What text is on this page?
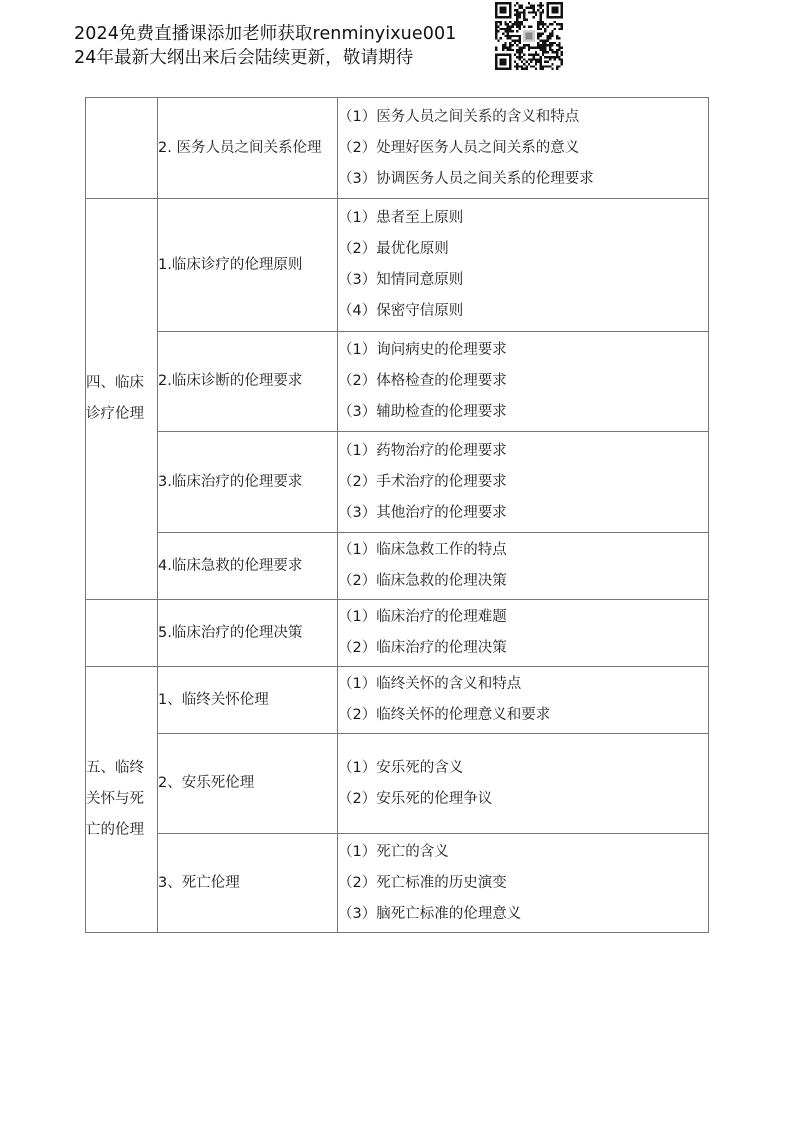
2024免费直播课添加老师获取renminyixue001
24年最新大纲出来后会陆续更新，敬请期待
	2. 医务人员之间关系伦理	（1）医务人员之间关系的含义和特点
（2）处理好医务人员之间关系的意义
（3）协调医务人员之间关系的伦理要求

四、临床诊疗伦理	1.临床诊疗的伦理原则	（1）患者至上原则
（2）最优化原则
（3）知情同意原则
（4）保密守信原则

	2.临床诊断的伦理要求	（1）询问病史的伦理要求
（2）体格检查的伦理要求
（3）辅助检查的伦理要求

	3.临床治疗的伦理要求	（1）药物治疗的伦理要求
（2）手术治疗的伦理要求
（3）其他治疗的伦理要求

	4.临床急救的伦理要求	（1）临床急救工作的特点
（2）临床急救的伦理决策

	5.临床治疗的伦理决策	（1）临床治疗的伦理难题
（2）临床治疗的伦理决策

五、临终关怀与死亡的伦理	1、临终关怀伦理	（1）临终关怀的含义和特点
（2）临终关怀的伦理意义和要求

	2、安乐死伦理	（1）安乐死的含义
（2）安乐死的伦理争议

	3、死亡伦理	（1）死亡的含义
（2）死亡标准的历史演变
（3）脑死亡标准的伦理意义
